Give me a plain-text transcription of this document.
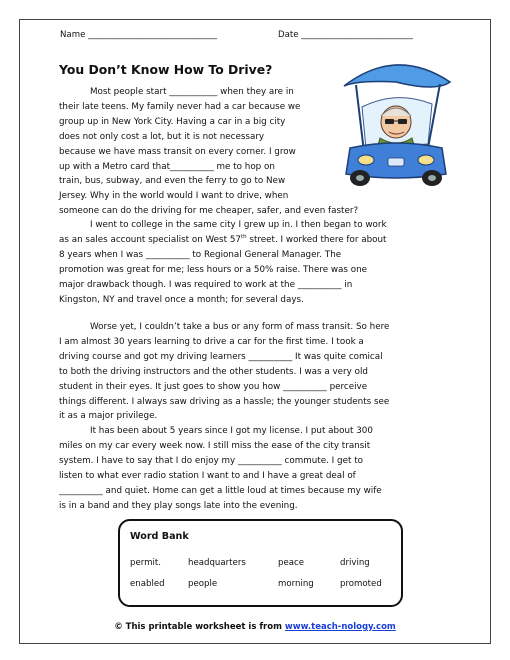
Name ______________________________	Date __________________________
You Don’t Know How To Drive?

Most people start ___________ when they are in
their late teens. My family never had a car because we
group up in New York City. Having a car in a big city
does not only cost a lot, but it is not necessary
because we have mass transit on every corner. I grow
up with a Metro card that__________ me to hop on
train, bus, subway, and even the ferry to go to New
Jersey. Why in the world would I want to drive, when
someone can do the driving for me cheaper, safer, and even faster?

I went to college in the same city I grew up in. I then began to work
as an sales account specialist on West 57th street. I worked there for about
8 years when I was __________ to Regional General Manager. The
promotion was great for me; less hours or a 50% raise. There was one
major drawback though. I was required to work at the __________ in
Kingston, NY and travel once a month; for several days.

Worse yet, I couldn’t take a bus or any form of mass transit. So here
I am almost 30 years learning to drive a car for the first time. I took a
driving course and got my driving learners __________ It was quite comical
to both the driving instructors and the other students. I was a very old
student in their eyes. It just goes to show you how __________ perceive
things different. I always saw driving as a hassle; the younger students see
it as a major privilege.

It has been about 5 years since I got my license. I put about 300
miles on my car every week now. I still miss the ease of the city transit
system. I have to say that I do enjoy my __________ commute. I get to
listen to what ever radio station I want to and I have a great deal of
__________ and quiet. Home can get a little loud at times because my wife
is in a band and they play songs late into the evening.

Word Bank
permit.	headquarters	peace	driving
enabled	people	morning	promoted
© This printable worksheet is from www.teach-nology.com
